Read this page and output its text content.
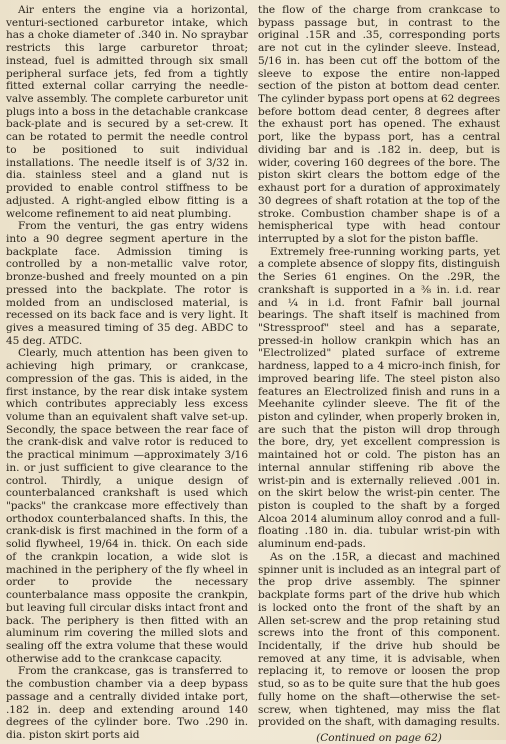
Air enters the engine via a horizontal, venturi-sectioned carburetor intake, which has a choke diameter of .340 in. No spraybar restricts this large carburetor throat; instead, fuel is admitted through six small peripheral surface jets, fed from a tightly fitted external collar carrying the needle-valve assembly. The complete carburetor unit plugs into a boss in the detachable crankcase back-plate and is secured by a set-crew. It can be rotated to permit the needle control to be positioned to suit individual installations. The needle itself is of 3/32 in. dia. stainless steel and a gland nut is provided to enable control stiffness to be adjusted. A right-angled elbow fitting is a welcome refinement to aid neat plumbing.

From the venturi, the gas entry widens into a 90 degree segment aperture in the backplate face. Admission timing is controlled by a non-metallic valve rotor, bronze-bushed and freely mounted on a pin pressed into the backplate. The rotor is molded from an undisclosed material, is recessed on its back face and is very light. It gives a measured timing of 35 deg. ABDC to 45 deg. ATDC.

Clearly, much attention has been given to achieving high primary, or crankcase, compression of the gas. This is aided, in the first instance, by the rear disk intake system which contributes appreciably less excess volume than an equivalent shaft valve set-up. Secondly, the space between the rear face of the crank-disk and valve rotor is reduced to the practical minimum —approximately 3/16 in. or just sufficient to give clearance to the control. Thirdly, a unique design of counterbalanced crankshaft is used which "packs" the crankcase more effectively than orthodox counterbalanced shafts. In this, the crank-disk is first machined in the form of a solid flywheel, 19/64 in. thick. On each side of the crankpin location, a wide slot is machined in the periphery of the fly wheel in order to provide the necessary counterbalance mass opposite the crankpin, but leaving full circular disks intact front and back. The periphery is then fitted with an aluminum rim covering the milled slots and sealing off the extra volume that these would otherwise add to the crankcase capacity.

From the crankcase, gas is transferred to the combustion chamber via a deep bypass passage and a centrally divided intake port, .182 in. deep and extending around 140 degrees of the cylinder bore. Two .290 in. dia. piston skirt ports aid

the flow of the charge from crankcase to bypass passage but, in contrast to the original .15R and .35, corresponding ports are not cut in the cylinder sleeve. Instead, 5/16 in. has been cut off the bottom of the sleeve to expose the entire non-lapped section of the piston at bottom dead center. The cylinder bypass port opens at 62 degrees before bottom dead center, 8 degrees after the exhaust port has opened. The exhaust port, like the bypass port, has a central dividing bar and is .182 in. deep, but is wider, covering 160 degrees of the bore. The piston skirt clears the bottom edge of the exhaust port for a duration of approximately 30 degrees of shaft rotation at the top of the stroke. Combustion chamber shape is of a hemispherical type with head contour interrupted by a slot for the piston baffle.

Extremely free-running working parts, yet a complete absence of sloppy fits, distinguish the Series 61 engines. On the .29R, the crankshaft is supported in a ⅜ in. i.d. rear and ¼ in i.d. front Fafnir ball journal bearings. The shaft itself is machined from "Stressproof" steel and has a separate, pressed-in hollow crankpin which has an "Electrolized" plated surface of extreme hardness, lapped to a 4 micro-inch finish, for improved bearing life. The steel piston also features an Electrolized finish and runs in a Meehanite cylinder sleeve. The fit of the piston and cylinder, when properly broken in, are such that the piston will drop through the bore, dry, yet excellent compression is maintained hot or cold. The piston has an internal annular stiffening rib above the wrist-pin and is externally relieved .001 in. on the skirt below the wrist-pin center. The piston is coupled to the shaft by a forged Alcoa 2014 aluminum alloy conrod and a full-floating .180 in. dia. tubular wrist-pin with aluminum end-pads.

As on the .15R, a diecast and machined spinner unit is included as an integral part of the prop drive assembly. The spinner backplate forms part of the drive hub which is locked onto the front of the shaft by an Allen set-screw and the prop retaining stud screws into the front of this component. Incidentally, if the drive hub should be removed at any time, it is advisable, when replacing it, to remove or loosen the prop stud, so as to be quite sure that the hub goes fully home on the shaft—otherwise the set-screw, when tightened, may miss the flat provided on the shaft, with damaging results.

(Continued on page 62)
